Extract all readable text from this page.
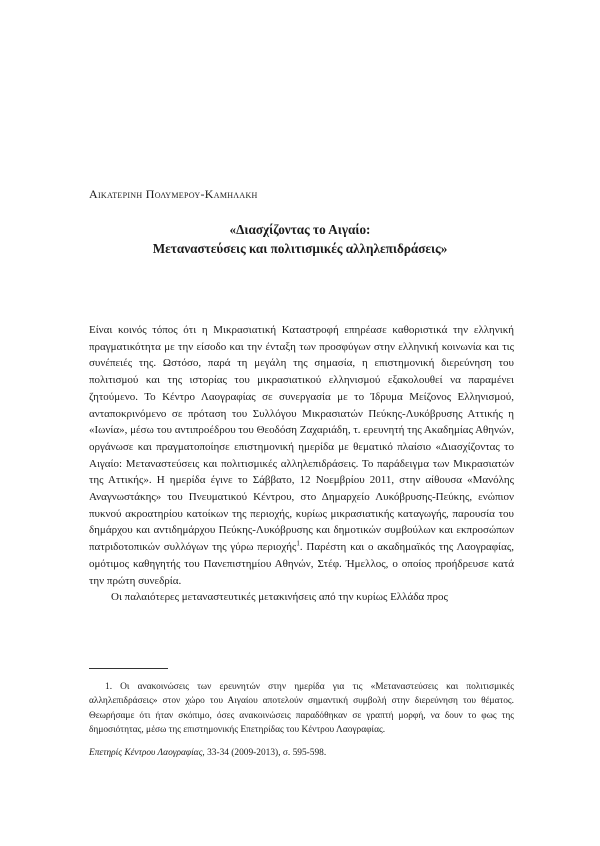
Αικατερινη Πολυμερου-Καμηλακη
«Διασχίζοντας το Αιγαίο:
Μεταναστεύσεις και πολιτισμικές αλληλεπιδράσεις»

Είναι κοινός τόπος ότι η Μικρασιατική Καταστροφή επηρέασε καθοριστικά την ελληνική πραγματικότητα με την είσοδο και την ένταξη των προσφύγων στην ελληνική κοινωνία και τις συνέπειές της. Ωστόσο, παρά τη μεγάλη της σημασία, η επιστημονική διερεύνηση του πολιτισμού και της ιστορίας του μικρασιατικού ελληνισμού εξακολουθεί να παραμένει ζητούμενο. Το Κέντρο Λαογραφίας σε συνεργασία με το Ίδρυμα Μείζονος Ελληνισμού, ανταποκρινόμενο σε πρόταση του Συλλόγου Μικρασιατών Πεύκης-Λυκόβρυσης Αττικής η «Ιωνία», μέσω του αντιπροέδρου του Θεοδόση Ζαχαριάδη, τ. ερευνητή της Ακαδημίας Αθηνών, οργάνωσε και πραγματοποίησε επιστημονική ημερίδα με θεματικό πλαίσιο «Διασχίζοντας το Αιγαίο: Μεταναστεύσεις και πολιτισμικές αλληλεπιδράσεις. Το παράδειγμα των Μικρασιατών της Αττικής». Η ημερίδα έγινε το Σάββατο, 12 Νοεμβρίου 2011, στην αίθουσα «Μανόλης Αναγνωστάκης» του Πνευματικού Κέντρου, στο Δημαρχείο Λυκόβρυσης-Πεύκης, ενώπιον πυκνού ακροατηρίου κατοίκων της περιοχής, κυρίως μικρασιατικής καταγωγής, παρουσία του δημάρχου και αντιδημάρχου Πεύκης-Λυκόβρυσης και δημοτικών συμβούλων και εκπροσώπων πατριδοτοπικών συλλόγων της γύρω περιοχής$^1$. Παρέστη και ο ακαδημαϊκός της Λαογραφίας, ομότιμος καθηγητής του Πανεπιστημίου Αθηνών, Στέφ. Ήμελλος, ο οποίος προήδρευσε κατά την πρώτη συνεδρία.

Οι παλαιότερες μεταναστευτικές μετακινήσεις από την κυρίως Ελλάδα προς

1. Οι ανακοινώσεις των ερευνητών στην ημερίδα για τις «Μεταναστεύσεις και πολιτισμικές αλληλεπιδράσεις» στον χώρο του Αιγαίου αποτελούν σημαντική συμβολή στην διερεύνηση του θέματος. Θεωρήσαμε ότι ήταν σκόπιμο, όσες ανακοινώσεις παραδόθηκαν σε γραπτή μορφή, να δουν το φως της δημοσιότητας, μέσω της επιστημονικής Επετηρίδας του Κέντρου Λαογραφίας.

Επετηρίς Κέντρου Λαογραφίας, 33-34 (2009-2013), σ. 595-598.
